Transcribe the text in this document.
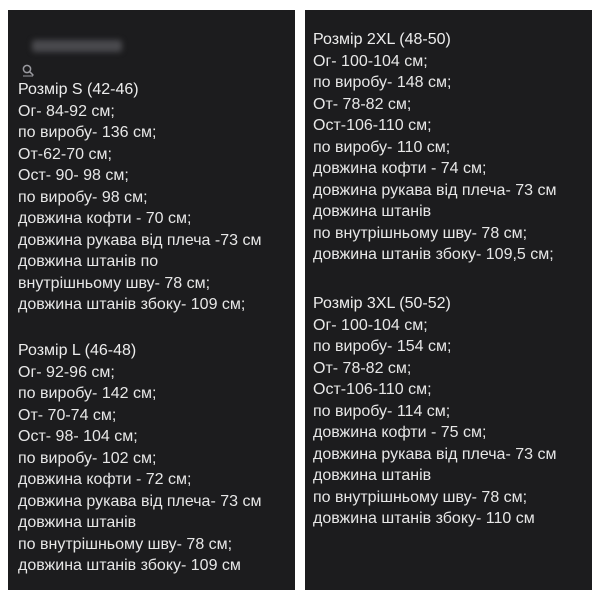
Розмір S (42-46)
Ог- 84-92 см;
по виробу- 136 см;
От-62-70 см;
Ост- 90- 98 см;
по виробу- 98 см;
довжина кофти - 70 см;
довжина рукава від плеча -73 см
довжина штанів по
внутрішньому шву- 78 см;
довжина штанів збоку- 109 см;
Розмір L (46-48)
Ог- 92-96 см;
по виробу- 142 см;
От- 70-74 см;
Ост- 98- 104 см;
по виробу- 102 см;
довжина кофти - 72 см;
довжина рукава від плеча- 73 см
довжина штанів
по внутрішньому шву- 78 см;
довжина штанів збоку- 109 см
Розмір 2XL (48-50)
Ог- 100-104 см;
по виробу- 148 см;
От- 78-82 см;
Ост-106-110 см;
по виробу- 110 см;
довжина кофти - 74 см;
довжина рукава від плеча- 73 см
довжина штанів
по внутрішньому шву- 78 см;
довжина штанів збоку- 109,5 см;
Розмір 3XL (50-52)
Ог- 100-104 см;
по виробу- 154 см;
От- 78-82 см;
Ост-106-110 см;
по виробу- 114 см;
довжина кофти - 75 см;
довжина рукава від плеча- 73 см
довжина штанів
по внутрішньому шву- 78 см;
довжина штанів збоку- 110 см
